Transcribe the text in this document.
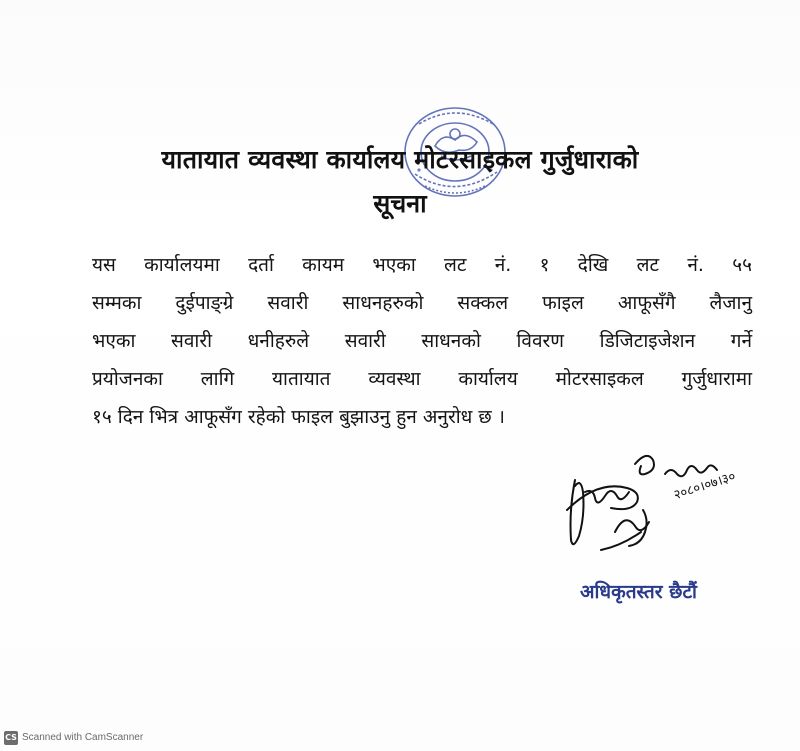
यातायात व्यवस्था कार्यालय मोटरसाइकल गुर्जुधाराको
सूचना
यस कार्यालयमा दर्ता कायम भएका लट नं. १ देखि लट नं. ५५
सम्मका दुईपाङ्ग्रे सवारी साधनहरुको सक्कल फाइल आफूसँगै लैजानु
भएका सवारी धनीहरुले सवारी साधनको विवरण डिजिटाइजेशन गर्ने
प्रयोजनका लागि यातायात व्यवस्था कार्यालय मोटरसाइकल गुर्जुधारामा
१५ दिन भित्र आफूसँग रहेको फाइल बुझाउनु हुन अनुरोध छ ।
२०८०।०७।३०
अधिकृतस्तर छैटौं
CS Scanned with CamScanner
